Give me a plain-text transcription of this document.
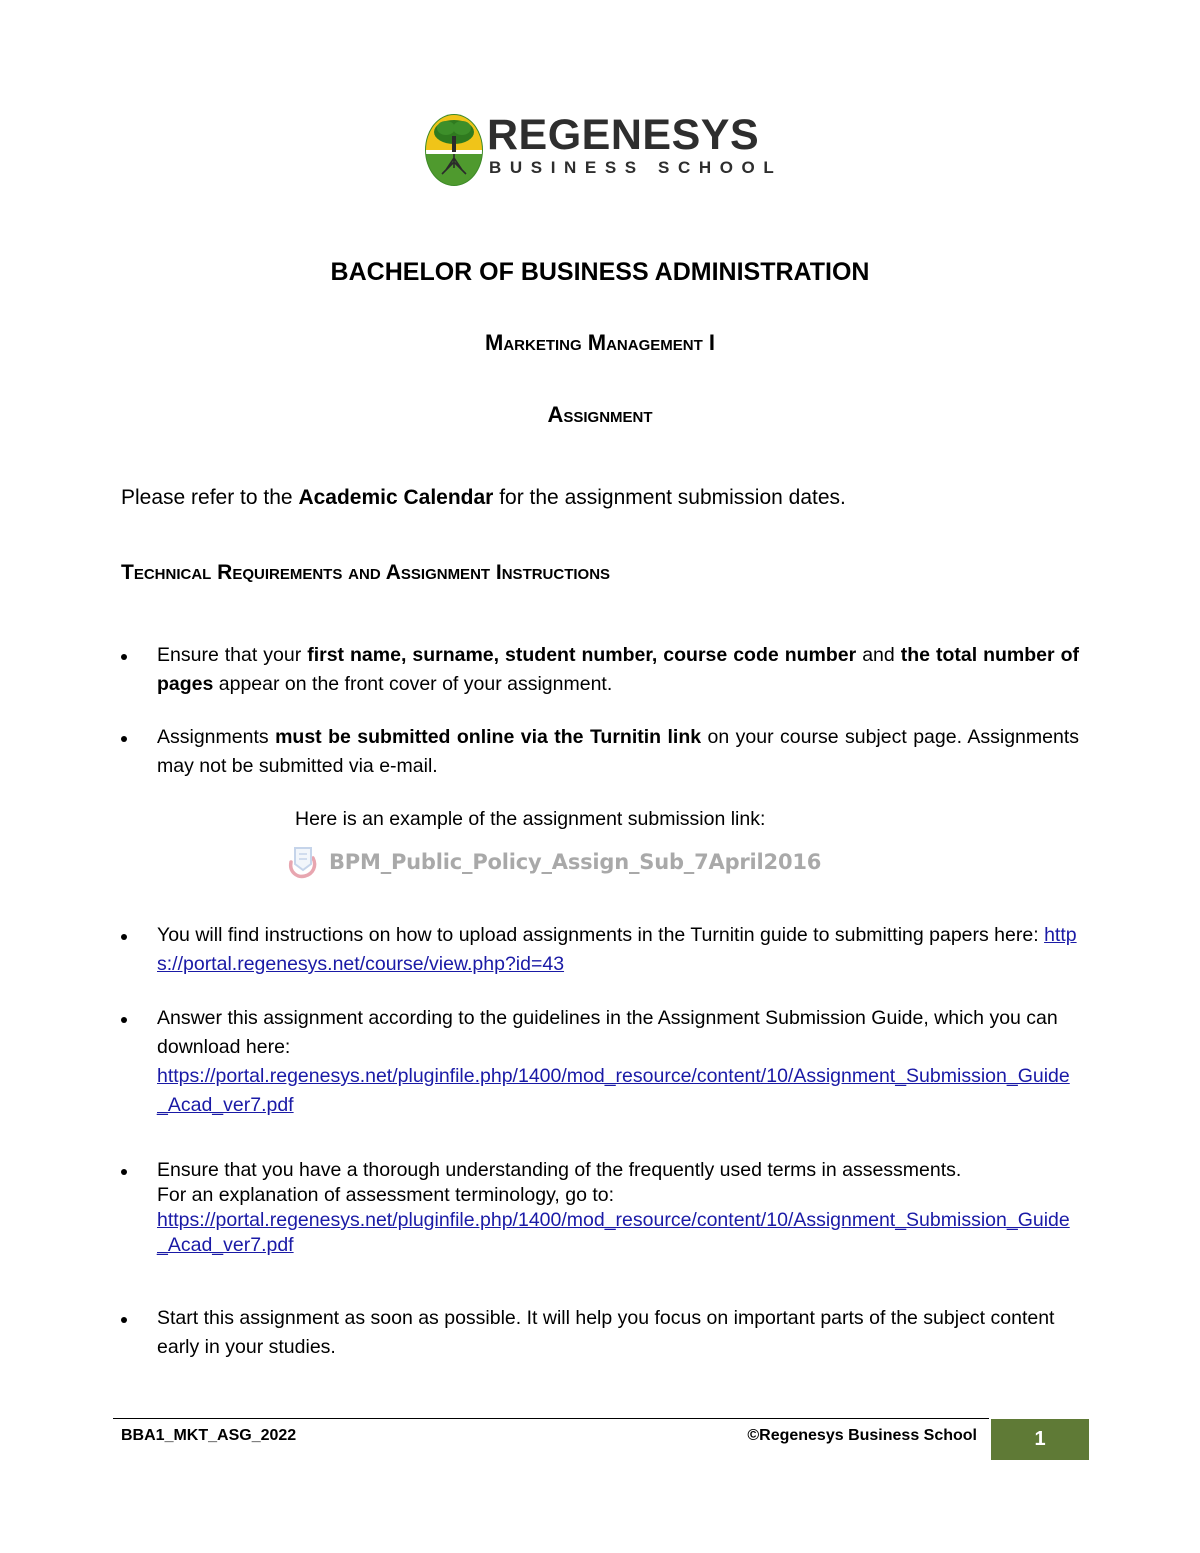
REGENESYS
BUSINESS SCHOOL
BACHELOR OF BUSINESS ADMINISTRATION
Marketing Management I
Assignment
Please refer to the Academic Calendar for the assignment submission dates.
Technical Requirements and Assignment Instructions
Ensure that your first name, surname, student number, course code number and the total number of pages appear on the front cover of your assignment.
Assignments must be submitted online via the Turnitin link on your course subject page. Assignments may not be submitted via e-mail.
You will find instructions on how to upload assignments in the Turnitin guide to submitting papers here: https://portal.regenesys.net/course/view.php?id=43
Answer this assignment according to the guidelines in the Assignment Submission Guide, which you can download here:
https://portal.regenesys.net/pluginfile.php/1400/mod_resource/content/10/Assignment_Submission_Guide_Acad_ver7.pdf
Ensure that you have a thorough understanding of the frequently used terms in assessments.
For an explanation of assessment terminology, go to:
https://portal.regenesys.net/pluginfile.php/1400/mod_resource/content/10/Assignment_Submission_Guide_Acad_ver7.pdf
Start this assignment as soon as possible. It will help you focus on important parts of the subject content early in your studies.
Here is an example of the assignment submission link:
BPM_Public_Policy_Assign_Sub_7April2016
BBA1_MKT_ASG_2022	©Regenesys Business School	1
